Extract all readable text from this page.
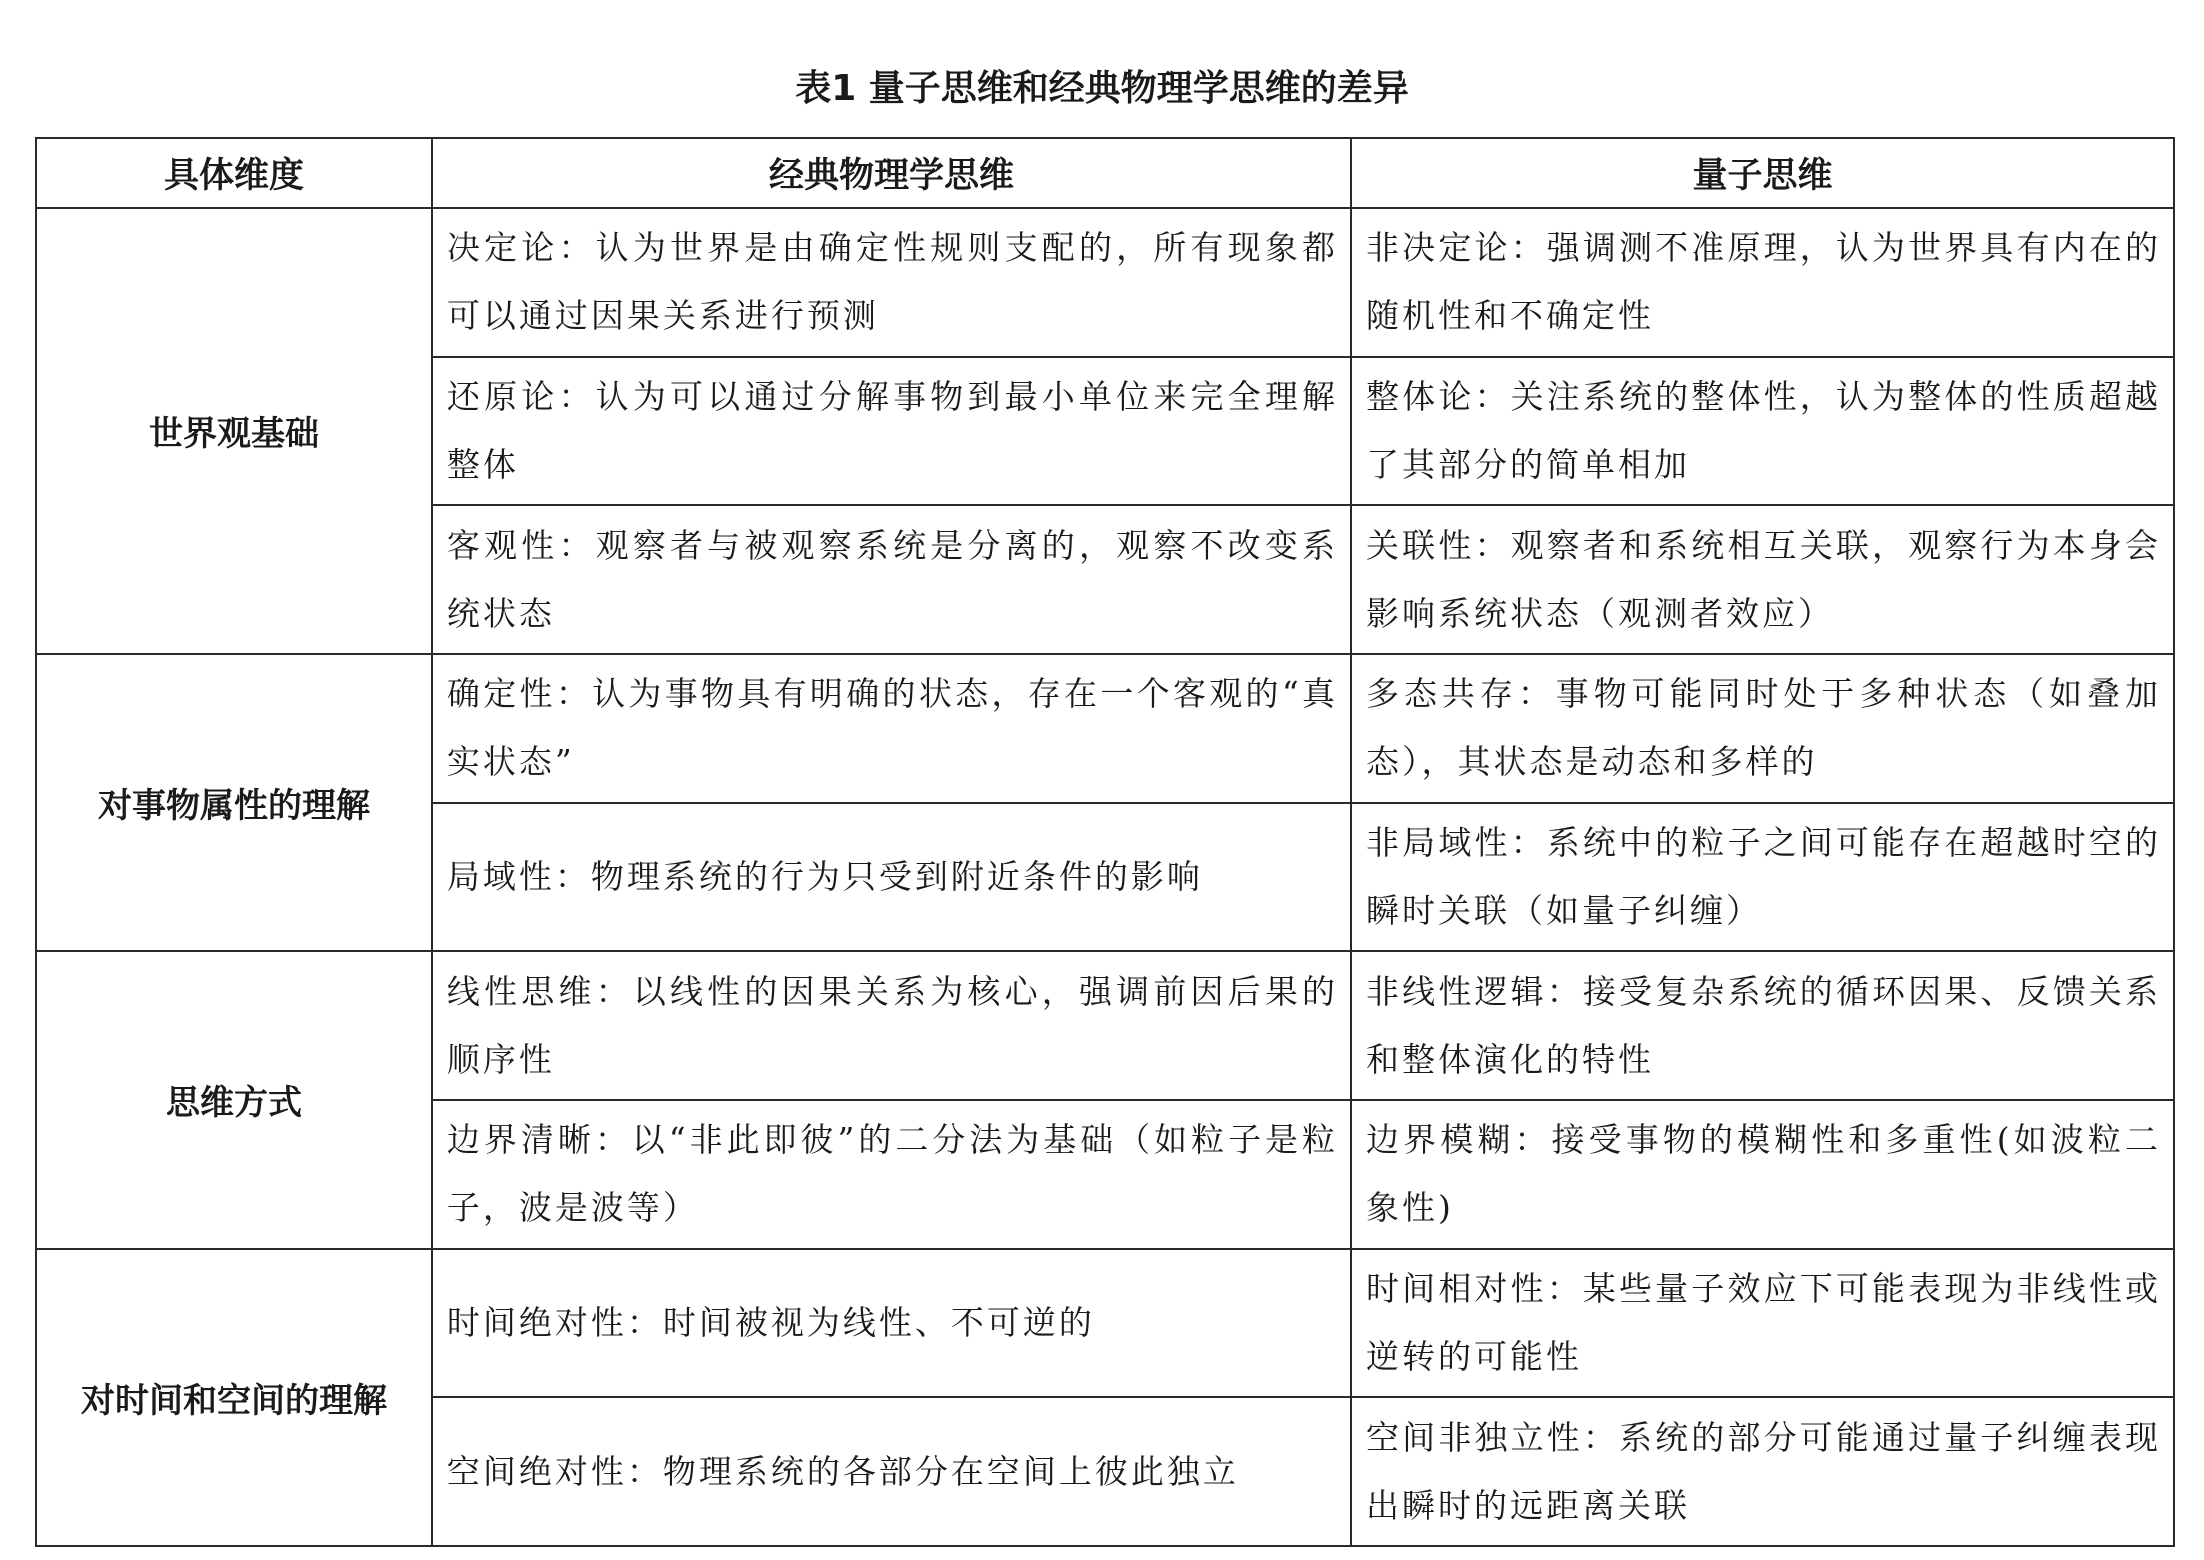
表1 量子思维和经典物理学思维的差异
具体维度	经典物理学思维	量子思维
世界观基础	决定论：认为世界是由确定性规则支配的，所有现象都可以通过因果关系进行预测	非决定论：强调测不准原理，认为世界具有内在的随机性和不确定性
	还原论：认为可以通过分解事物到最小单位来完全理解整体	整体论：关注系统的整体性，认为整体的性质超越了其部分的简单相加
	客观性：观察者与被观察系统是分离的，观察不改变系统状态	关联性：观察者和系统相互关联，观察行为本身会影响系统状态（观测者效应）
对事物属性的理解	确定性：认为事物具有明确的状态，存在一个客观的“真实状态”	多态共存：事物可能同时处于多种状态（如叠加态），其状态是动态和多样的
	局域性：物理系统的行为只受到附近条件的影响	非局域性：系统中的粒子之间可能存在超越时空的瞬时关联（如量子纠缠）
思维方式	线性思维：以线性的因果关系为核心，强调前因后果的顺序性	非线性逻辑：接受复杂系统的循环因果、反馈关系和整体演化的特性
	边界清晰：以“非此即彼”的二分法为基础（如粒子是粒子，波是波等）	边界模糊：接受事物的模糊性和多重性(如波粒二象性)
对时间和空间的理解	时间绝对性：时间被视为线性、不可逆的	时间相对性：某些量子效应下可能表现为非线性或逆转的可能性
	空间绝对性：物理系统的各部分在空间上彼此独立	空间非独立性：系统的部分可能通过量子纠缠表现出瞬时的远距离关联
